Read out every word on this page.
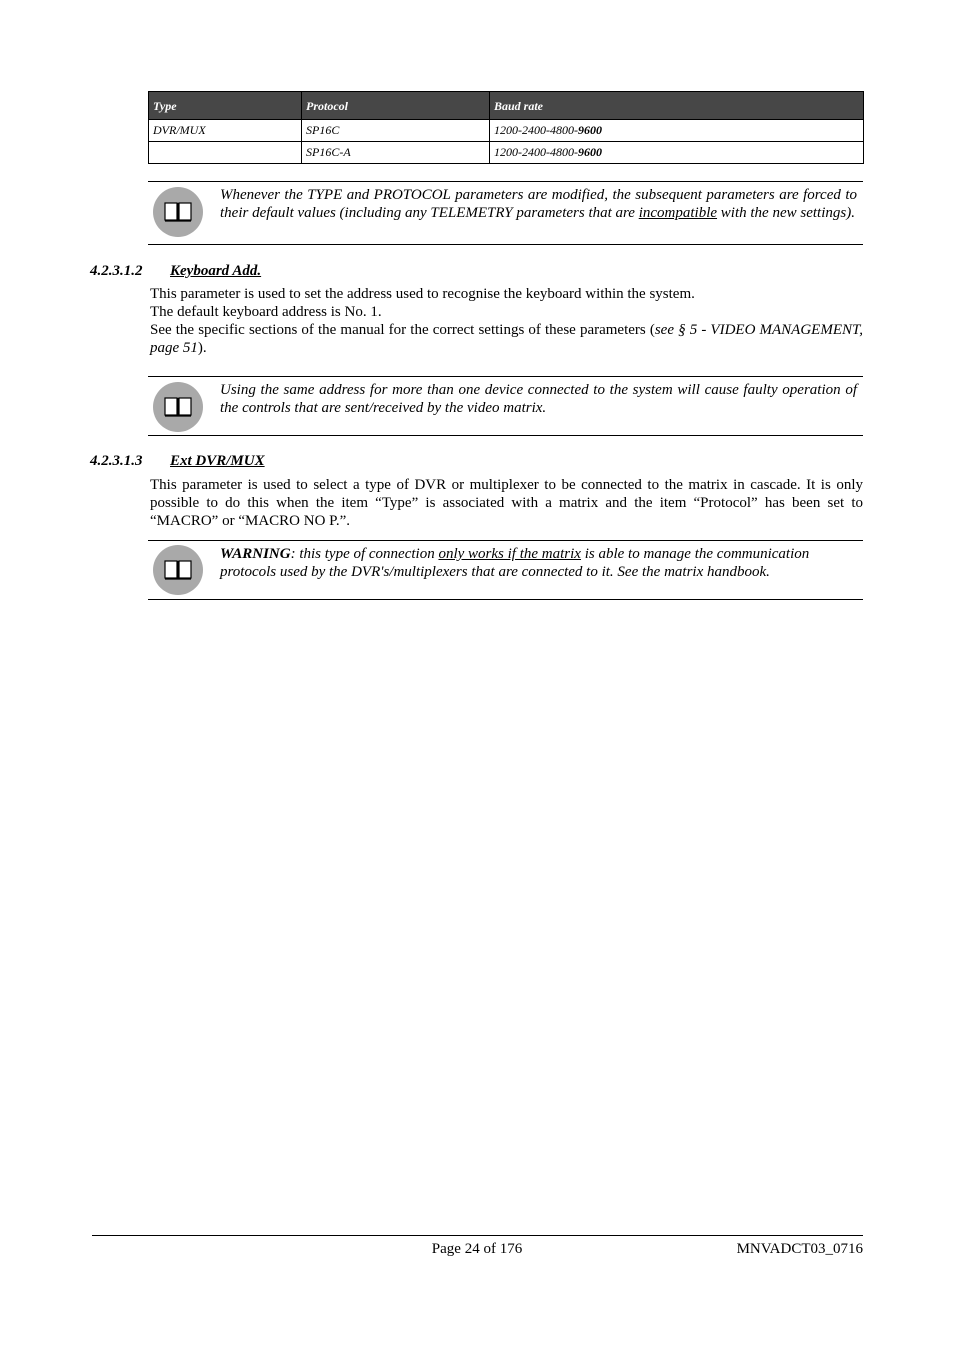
Type	Protocol	Baud rate
DVR/MUX	SP16C	1200-2400-4800-9600
	SP16C-A	1200-2400-4800-9600
Whenever the TYPE and PROTOCOL parameters are modified, the subsequent parameters are forced to their default values (including any TELEMETRY parameters that are incompatible with the new settings).
4.2.3.1.2 Keyboard Add.

This parameter is used to set the address used to recognise the keyboard within the system.

The default keyboard address is No. 1.

See the specific sections of the manual for the correct settings of these parameters (see § 5 - VIDEO MANAGEMENT, page 51).

Using the same address for more than one device connected to the system will cause faulty operation of the controls that are sent/received by the video matrix.
4.2.3.1.3 Ext DVR/MUX
This parameter is used to select a type of DVR or multiplexer to be connected to the matrix in cascade. It is only possible to do this when the item “Type” is associated with a matrix and the item “Protocol” has been set to “MACRO” or “MACRO NO P.”.
WARNING: this type of connection only works if the matrix is able to manage the communication protocols used by the DVR's/multiplexers that are connected to it. See the matrix handbook.
Page 24 of 176	MNVADCT03_0716
